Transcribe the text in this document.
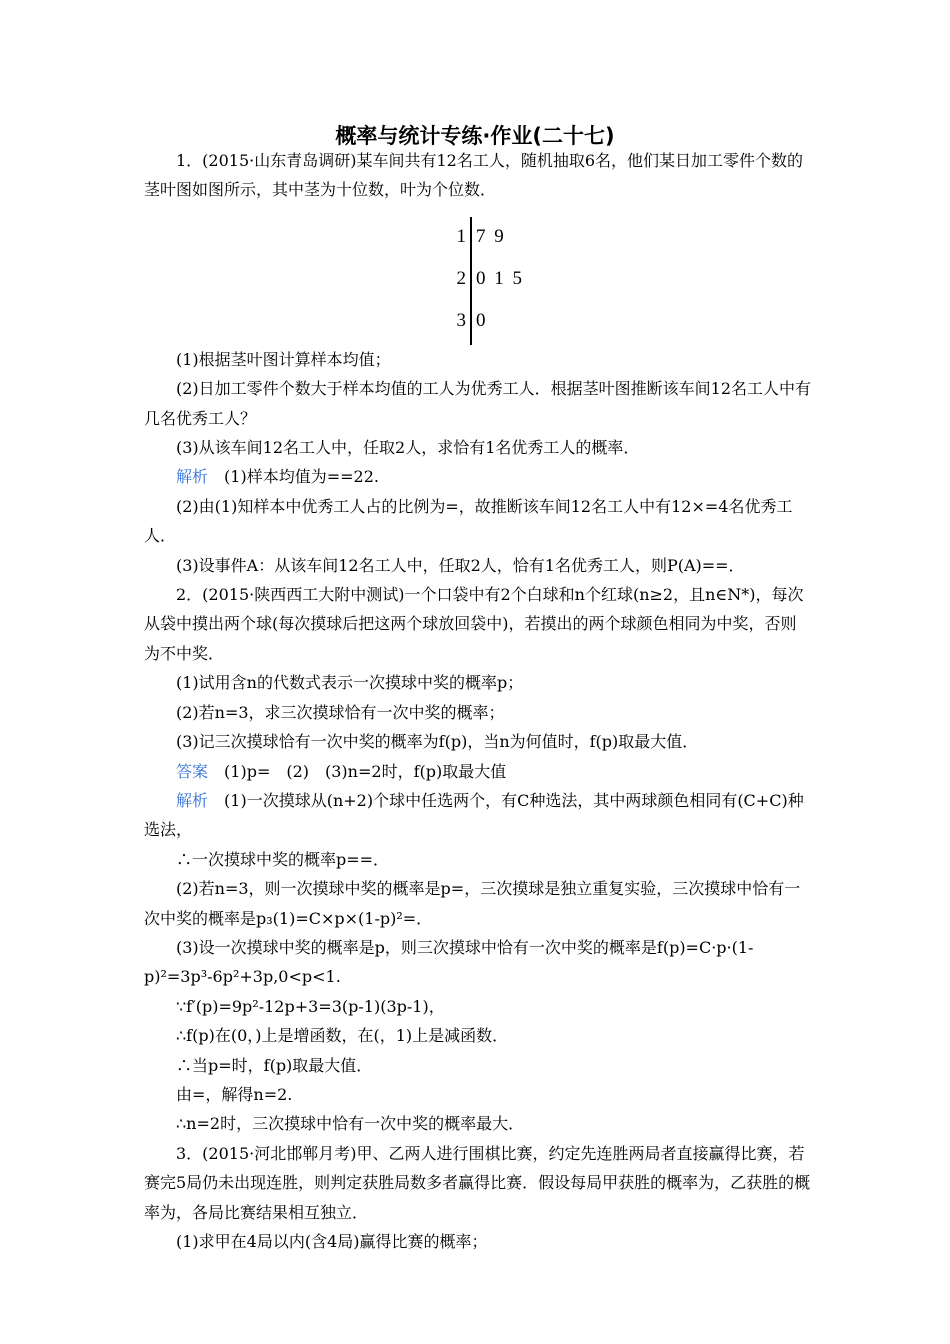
概率与统计专练·作业(二十七)

1．(2015·山东青岛调研)某车间共有12名工人，随机抽取6名，他们某日加工零件个数的茎叶图如图所示，其中茎为十位数，叶为个位数．

1 7 9
2 0 1 5
3 0

(1)根据茎叶图计算样本均值；

(2)日加工零件个数大于样本均值的工人为优秀工人．根据茎叶图推断该车间12名工人中有几名优秀工人？

(3)从该车间12名工人中，任取2人，求恰有1名优秀工人的概率．

解析　 (1)样本均值为==22.

(2)由(1)知样本中优秀工人占的比例为=，故推断该车间12名工人中有12×=4名优秀工人．

(3)设事件A：从该车间12名工人中，任取2人，恰有1名优秀工人，则P(A)==．

2．(2015·陕西西工大附中测试)一个口袋中有2个白球和n个红球(n≥2，且n∈N*)，每次从袋中摸出两个球(每次摸球后把这两个球放回袋中)，若摸出的两个球颜色相同为中奖，否则为不中奖．

(1)试用含n的代数式表示一次摸球中奖的概率p；

(2)若n=3，求三次摸球恰有一次中奖的概率；

(3)记三次摸球恰有一次中奖的概率为f(p)，当n为何值时，f(p)取最大值．

答案　 (1)p=　(2)　(3)n=2时，f(p)取最大值

解析　 (1)一次摸球从(n+2)个球中任选两个，有C种选法，其中两球颜色相同有(C+C)种选法，

∴一次摸球中奖的概率p==．

(2)若n=3，则一次摸球中奖的概率是p=，三次摸球是独立重复实验，三次摸球中恰有一次中奖的概率是p₃(1)=C×p×(1-p)²=．

(3)设一次摸球中奖的概率是p，则三次摸球中恰有一次中奖的概率是f(p)=C·p·(1-p)²=3p³-6p²+3p,0<p<1.

∵f′(p)=9p²-12p+3=3(p-1)(3p-1)，

∴f(p)在(0，)上是增函数，在(，1)上是减函数．

∴当p=时，f(p)取最大值．

由=，解得n=2.

∴n=2时，三次摸球中恰有一次中奖的概率最大．

3．(2015·河北邯郸月考)甲、乙两人进行围棋比赛，约定先连胜两局者直接赢得比赛，若赛完5局仍未出现连胜，则判定获胜局数多者赢得比赛．假设每局甲获胜的概率为，乙获胜的概率为，各局比赛结果相互独立．

(1)求甲在4局以内(含4局)赢得比赛的概率；
